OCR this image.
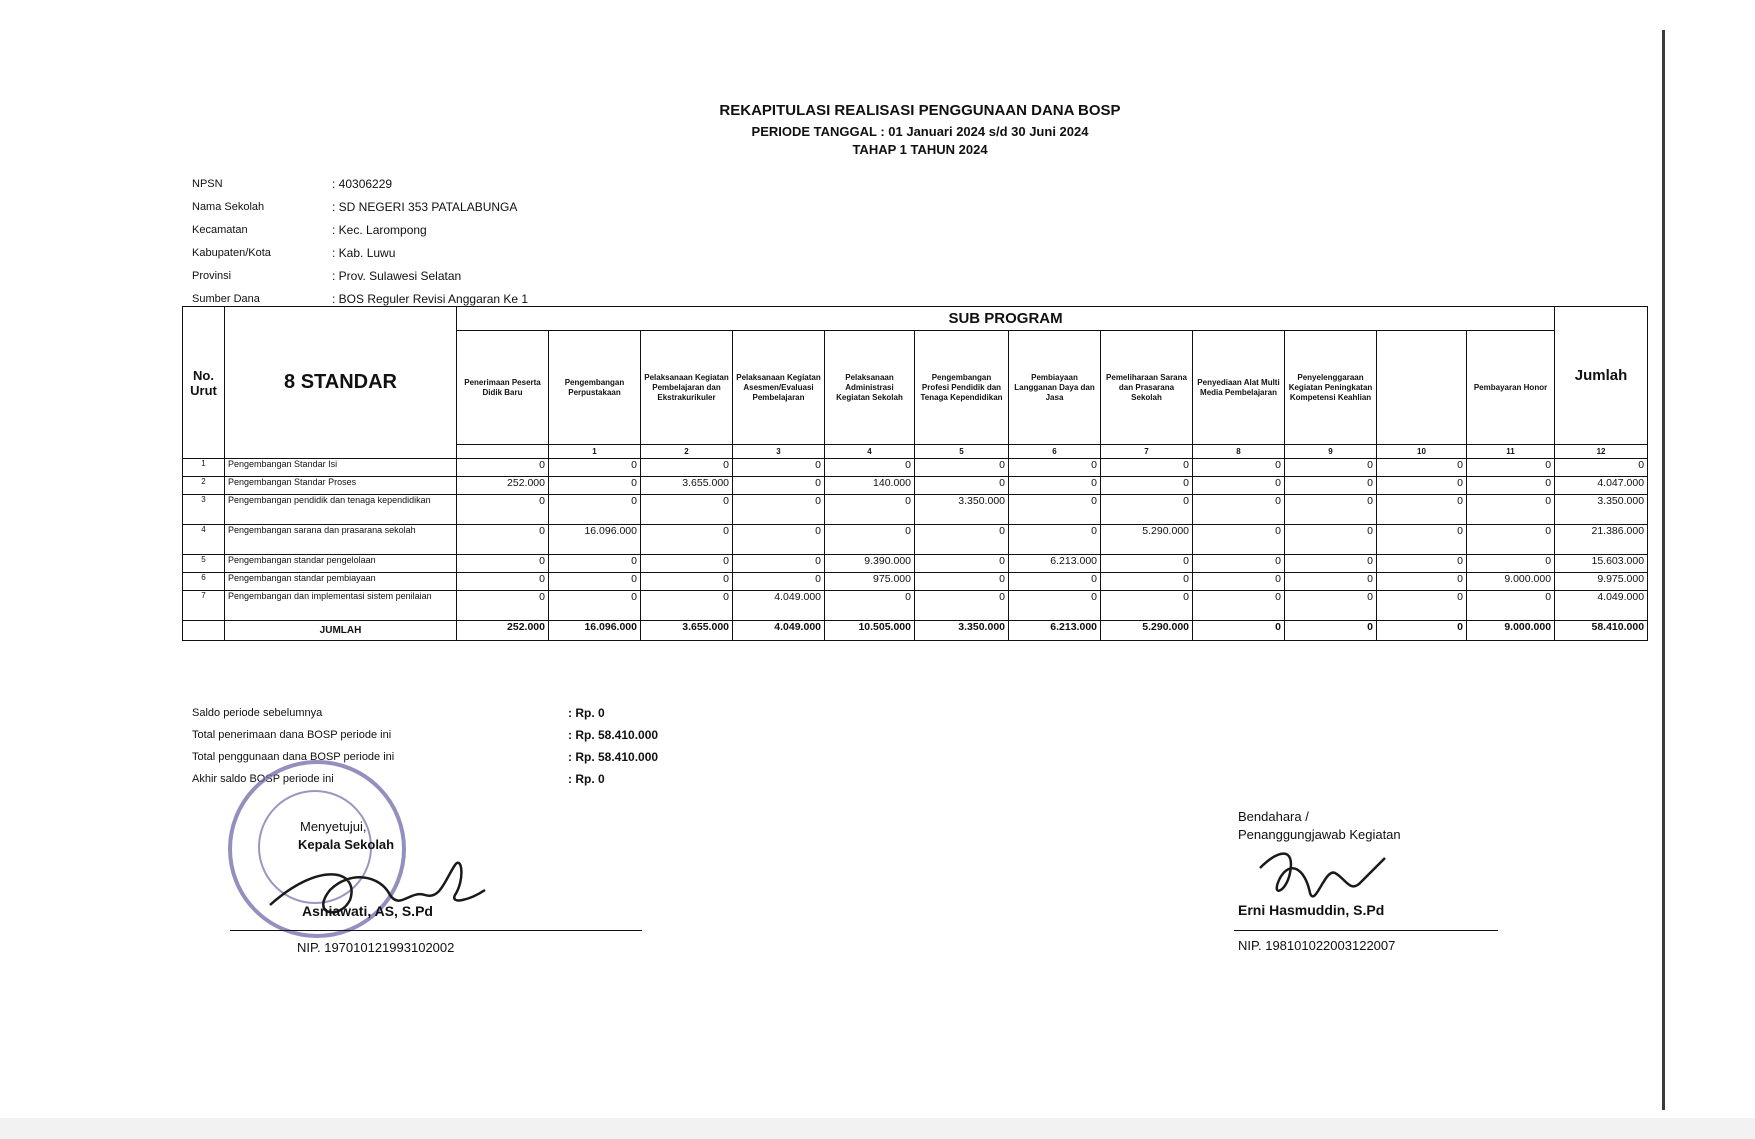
REKAPITULASI REALISASI PENGGUNAAN DANA BOSP
PERIODE TANGGAL : 01 Januari 2024 s/d 30 Juni 2024
TAHAP 1 TAHUN 2024
NPSN	: 40306229
Nama Sekolah	: SD NEGERI 353 PATALABUNGA
Kecamatan	: Kec. Larompong
Kabupaten/Kota	: Kab. Luwu
Provinsi	: Prov. Sulawesi Selatan
Sumber Dana	: BOS Reguler Revisi Anggaran Ke 1
No. Urut	8 STANDAR	SUB PROGRAM												Jumlah
		Penerimaan Peserta Didik Baru	Pengembangan Perpustakaan	Pelaksanaan Kegiatan Pembelajaran dan Ekstrakurikuler	Pelaksanaan Kegiatan Asesmen/Evaluasi Pembelajaran	Pelaksanaan Administrasi Kegiatan Sekolah	Pengembangan Profesi Pendidik dan Tenaga Kependidikan	Pembiayaan Langganan Daya dan Jasa	Pemeliharaan Sarana dan Prasarana Sekolah	Penyediaan Alat Multi Media Pembelajaran	Penyelenggaraan Kegiatan Peningkatan Kompetensi Keahlian		Pembayaran Honor	
			1	2	3	4	5	6	7	8	9	10	11	12
1	Pengembangan Standar Isi	0	0	0	0	0	0	0	0	0	0	0	0	0
2	Pengembangan Standar Proses	252.000	0	3.655.000	0	140.000	0	0	0	0	0	0	0	4.047.000
3	Pengembangan pendidik dan tenaga kependidikan	0	0	0	0	0	3.350.000	0	0	0	0	0	0	3.350.000
4	Pengembangan sarana dan prasarana sekolah	0	16.096.000	0	0	0	0	0	5.290.000	0	0	0	0	21.386.000
5	Pengembangan standar pengelolaan	0	0	0	0	9.390.000	0	6.213.000	0	0	0	0	0	15.603.000
6	Pengembangan standar pembiayaan	0	0	0	0	975.000	0	0	0	0	0	0	9.000.000	9.975.000
7	Pengembangan dan implementasi sistem penilaian	0	0	0	4.049.000	0	0	0	0	0	0	0	0	4.049.000
	JUMLAH	252.000	16.096.000	3.655.000	4.049.000	10.505.000	3.350.000	6.213.000	5.290.000	0	0	0	9.000.000	58.410.000
Saldo periode sebelumnya	: Rp. 0
Total penerimaan dana BOSP periode ini	: Rp. 58.410.000
Total penggunaan dana BOSP periode ini	: Rp. 58.410.000
Akhir saldo BOSP periode ini	: Rp. 0
Menyetujui,
Kepala Sekolah
Asniawati, AS, S.Pd
NIP. 197010121993102002
Bendahara /
Penanggungjawab Kegiatan
Erni Hasmuddin, S.Pd
NIP. 198101022003122007
